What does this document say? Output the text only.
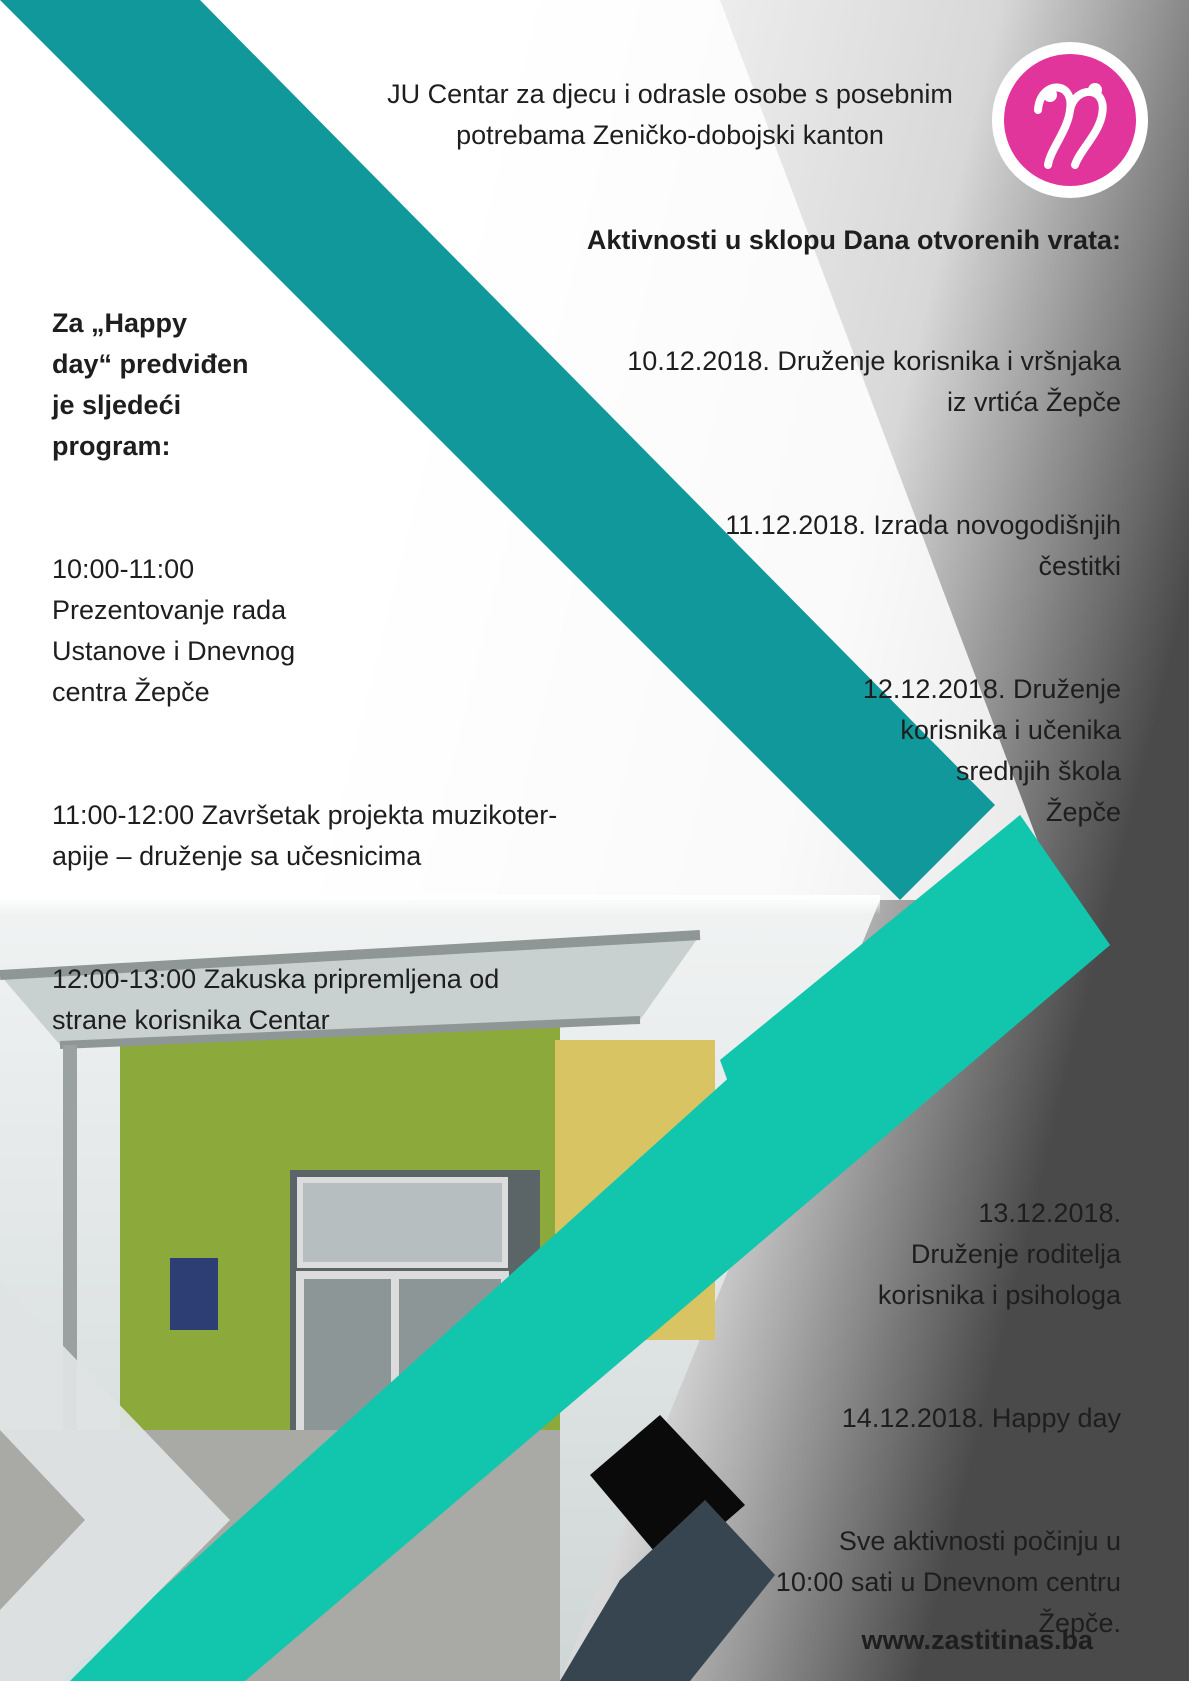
JU Centar za djecu i odrasle osobe s posebnim
potrebama Zeničko-dobojski kanton
Aktivnosti u sklopu Dana otvorenih vrata:

10.12.2018. Druženje korisnika i vršnjaka
iz vrtića Žepče

11.12.2018. Izrada novogodišnjih
čestitki

12.12.2018. Druženje
korisnika i učenika
srednjih škola
Žepče

Za „Happy
day“ predviđen
je sljedeći
program:

10:00-11:00
Prezentovanje rada
Ustanove i Dnevnog
centra Žepče

11:00-12:00 Završetak projekta muzikoter-
apije – druženje sa učesnicima

12:00-13:00 Zakuska pripremljena od
strane korisnika Centar

13.12.2018.
Druženje roditelja
korisnika i psihologa

14.12.2018. Happy day

Sve aktivnosti počinju u
10:00 sati u Dnevnom centru
Žepče.

www.zastitinas.ba
